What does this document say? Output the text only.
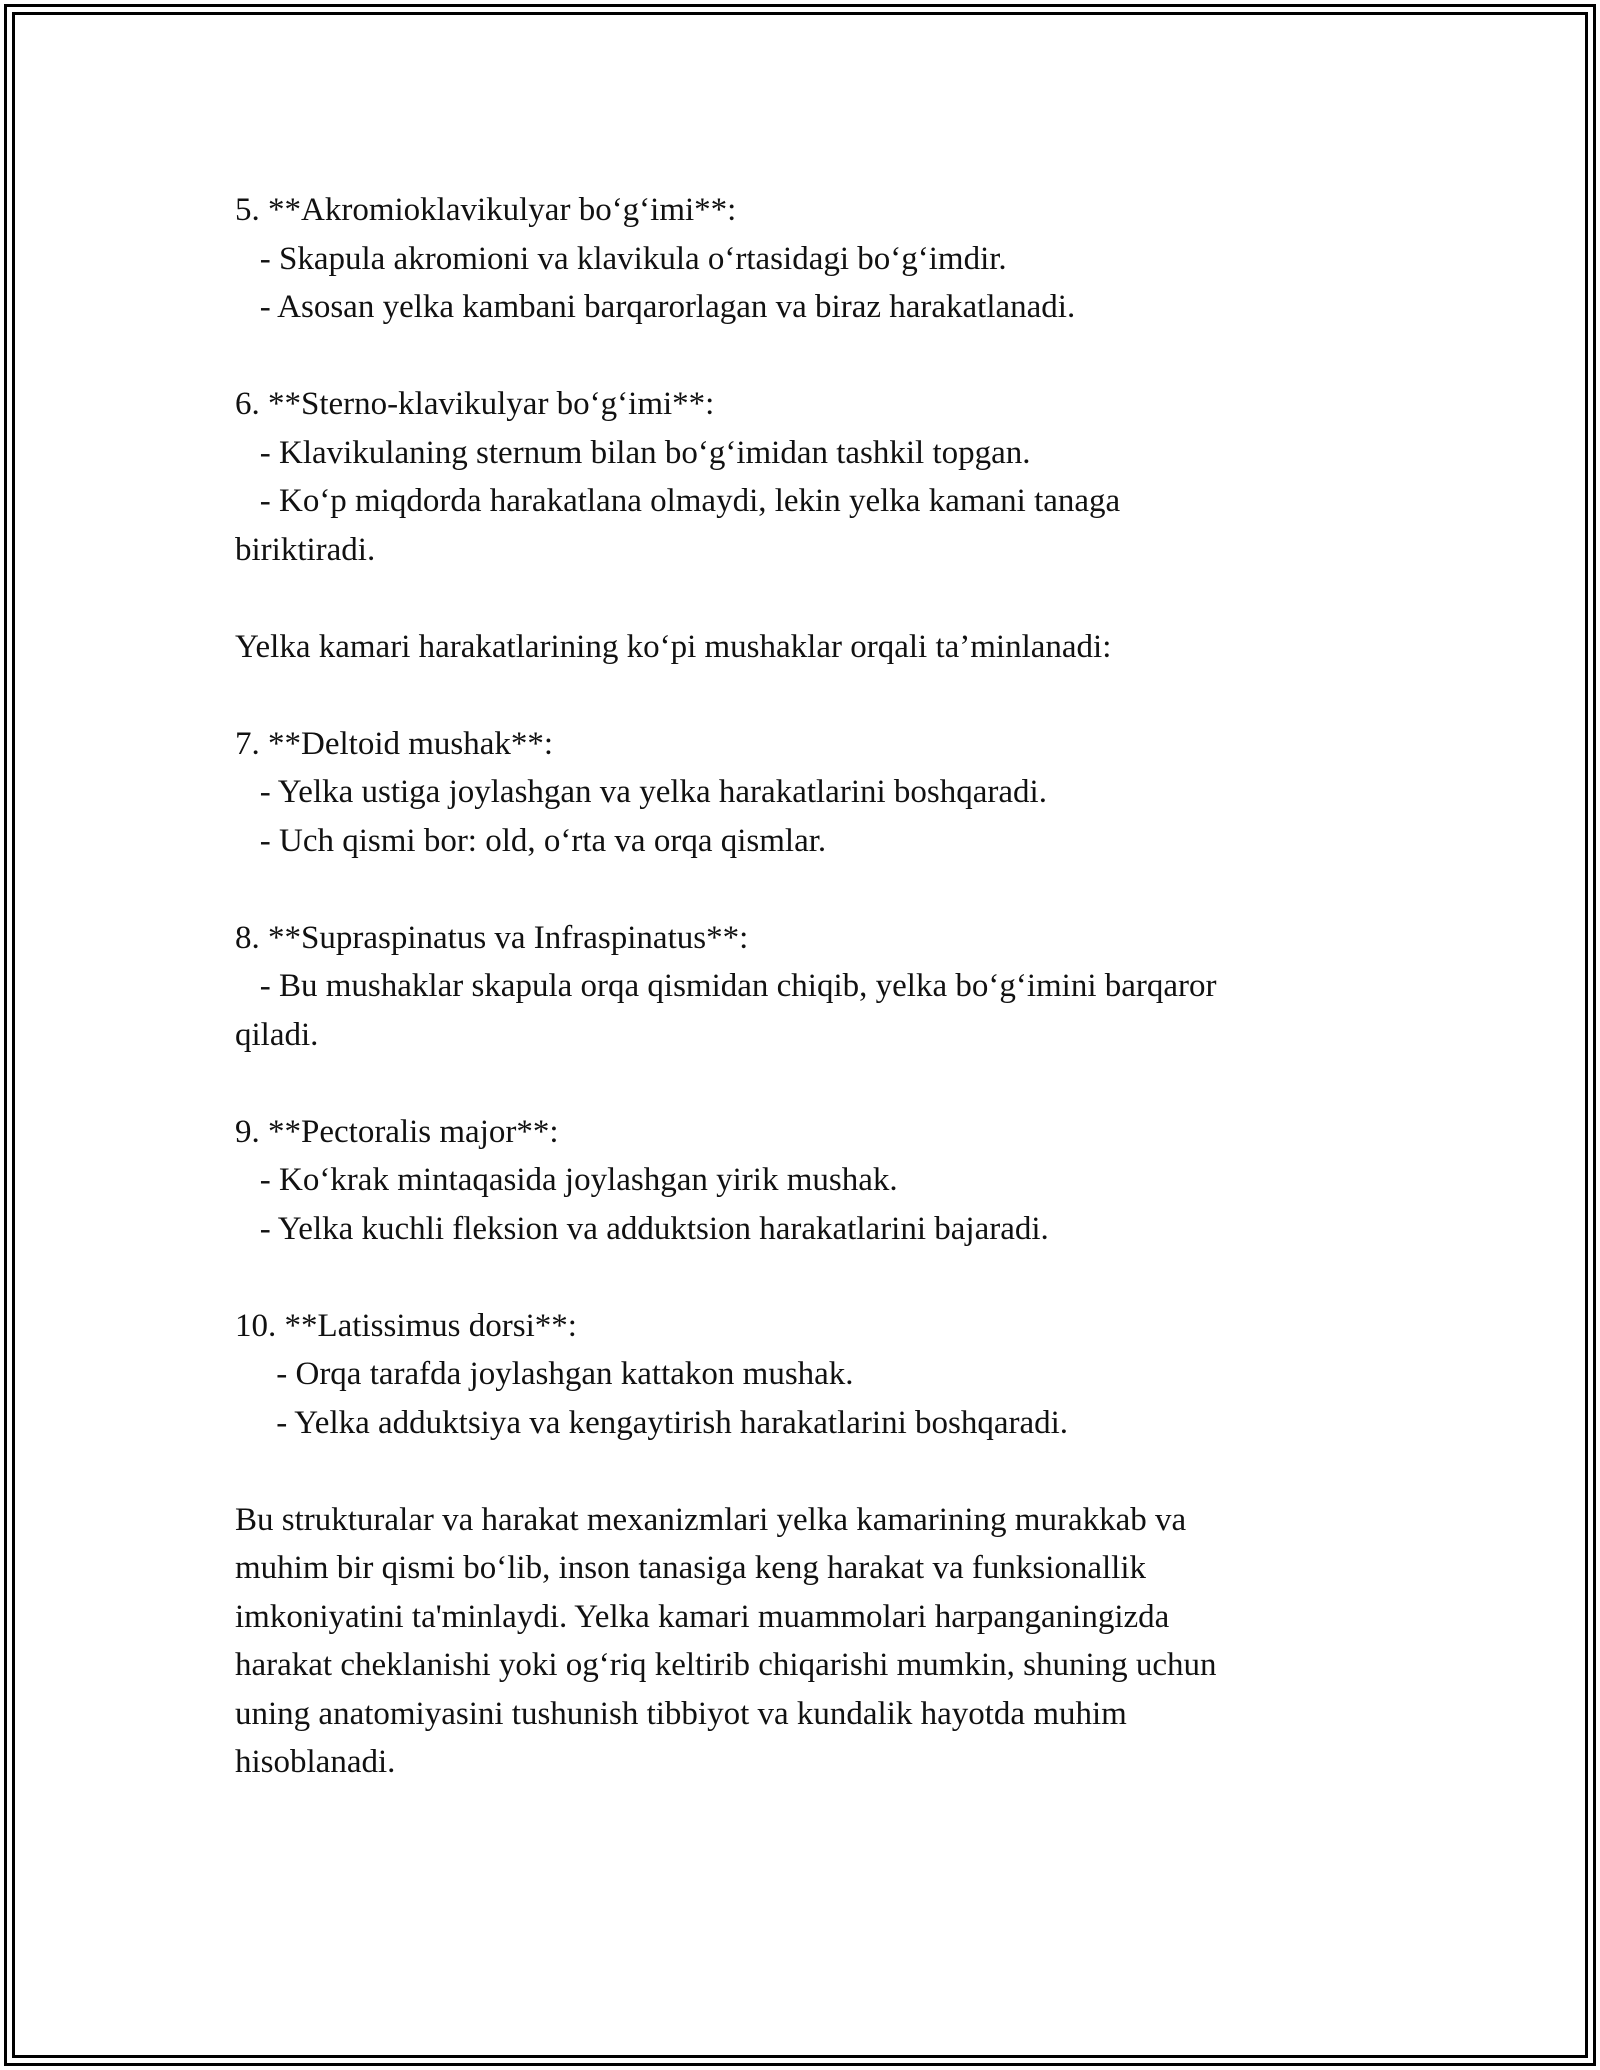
5. **Akromioklavikulyar bo‘g‘imi**:
- Skapula akromioni va klavikula o‘rtasidagi bo‘g‘imdir.
- Asosan yelka kambani barqarorlagan va biraz harakatlanadi.
6. **Sterno-klavikulyar bo‘g‘imi**:
- Klavikulaning sternum bilan bo‘g‘imidan tashkil topgan.
- Ko‘p miqdorda harakatlana olmaydi, lekin yelka kamani tanaga
biriktiradi.
Yelka kamari harakatlarining ko‘pi mushaklar orqali ta’minlanadi:
7. **Deltoid mushak**:
- Yelka ustiga joylashgan va yelka harakatlarini boshqaradi.
- Uch qismi bor: old, o‘rta va orqa qismlar.
8. **Supraspinatus va Infraspinatus**:
- Bu mushaklar skapula orqa qismidan chiqib, yelka bo‘g‘imini barqaror
qiladi.
9. **Pectoralis major**:
- Ko‘krak mintaqasida joylashgan yirik mushak.
- Yelka kuchli fleksion va adduktsion harakatlarini bajaradi.
10. **Latissimus dorsi**:
- Orqa tarafda joylashgan kattakon mushak.
- Yelka adduktsiya va kengaytirish harakatlarini boshqaradi.
Bu strukturalar va harakat mexanizmlari yelka kamarining murakkab va
muhim bir qismi bo‘lib, inson tanasiga keng harakat va funksionallik
imkoniyatini ta'minlaydi. Yelka kamari muammolari harpanganingizda
harakat cheklanishi yoki og‘riq keltirib chiqarishi mumkin, shuning uchun
uning anatomiyasini tushunish tibbiyot va kundalik hayotda muhim
hisoblanadi.
